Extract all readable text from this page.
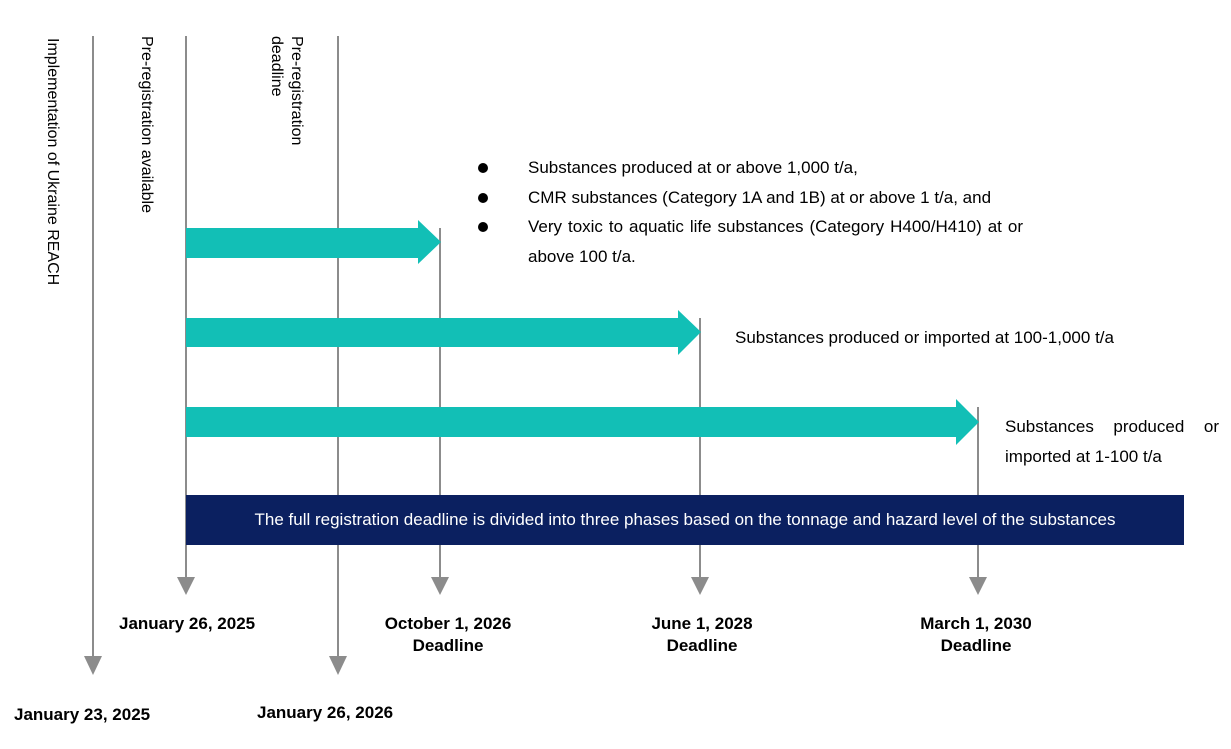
Implementation of Ukraine REACH	Pre-registration available	Pre-registration deadline
January 23, 2025
January 26, 2025
January 26, 2026
October 1, 2026
Deadline
June 1, 2028
Deadline
March 1, 2030
Deadline
Substances produced at or above 1,000 t/a,
CMR substances (Category 1A and 1B) at or above 1 t/a, and
Very toxic to aquatic life substances (Category H400/H410) at or above 100 t/a.
Substances produced or imported at 100-1,000 t/a
Substances produced or imported at 1-100 t/a
The full registration deadline is divided into three phases based on the tonnage and hazard level of the substances
